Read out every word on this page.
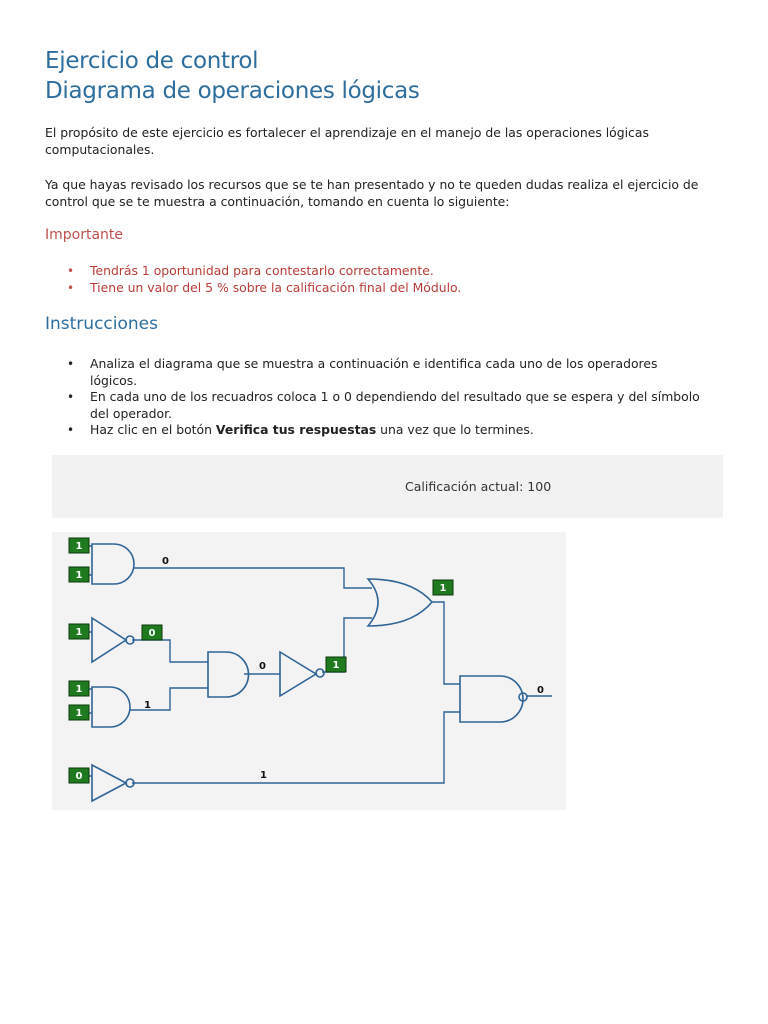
Ejercicio de control
Diagrama de operaciones lógicas

El propósito de este ejercicio es fortalecer el aprendizaje en el manejo de las operaciones lógicas computacionales.

Ya que hayas revisado los recursos que se te han presentado y no te queden dudas realiza el ejercicio de control que se te muestra a continuación, tomando en cuenta lo siguiente:

Importante
• Tendrás 1 oportunidad para contestarlo correctamente.
• Tiene un valor del 5 % sobre la calificación final del Módulo.
Instrucciones
• Analiza el diagrama que se muestra a continuación e identifica cada uno de los operadores lógicos.
• En cada uno de los recuadros coloca 1 o 0 dependiendo del resultado que se espera y del símbolo del operador.
• Haz clic en el botón Verifica tus respuestas una vez que lo termines.
Calificación actual: 100
1
1
1
1
1
0
0
1
1
0
0
1
1
0
